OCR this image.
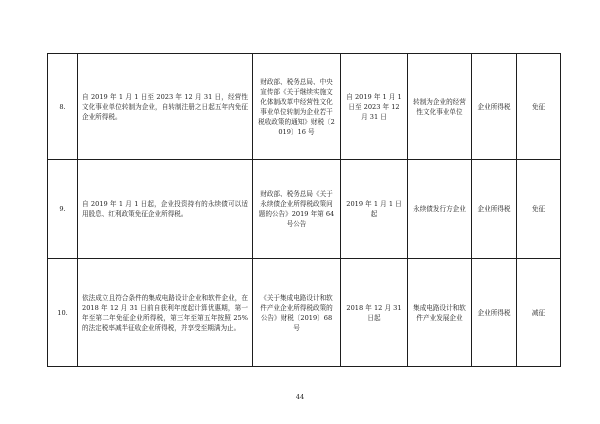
8.	自 2019 年 1 月 1 日至 2023 年 12 月 31 日，经营性文化事业单位转制为企业，自转制注册之日起五年内免征企业所得税。	财政部、税务总局、中央宣传部《关于继续实施文化体制改革中经营性文化事业单位转制为企业若干税收政策的通知》财税〔2019〕16 号	自 2019 年 1 月 1 日至 2023 年 12 月 31 日	转制为企业的经营性文化事业单位	企业所得税	免征
9.	自 2019 年 1 月 1 日起，企业投资持有的永续债可以适用股息、红利政策免征企业所得税。	财政部、税务总局《关于永续债企业所得税政策问题的公告》2019 年第 64 号公告	2019 年 1 月 1 日起	永续债发行方企业	企业所得税	免征
10.	依法成立且符合条件的集成电路设计企业和软件企业，在 2018 年 12 月 31 日前自获利年度起计算优惠期，第一年至第二年免征企业所得税，第三年至第五年按照 25%的法定税率减半征收企业所得税，并享受至期满为止。	《关于集成电路设计和软件产业企业所得税政策的公告》财税〔2019〕68 号	2018 年 12 月 31 日起	集成电路设计和软件产业发展企业	企业所得税	减征
44
